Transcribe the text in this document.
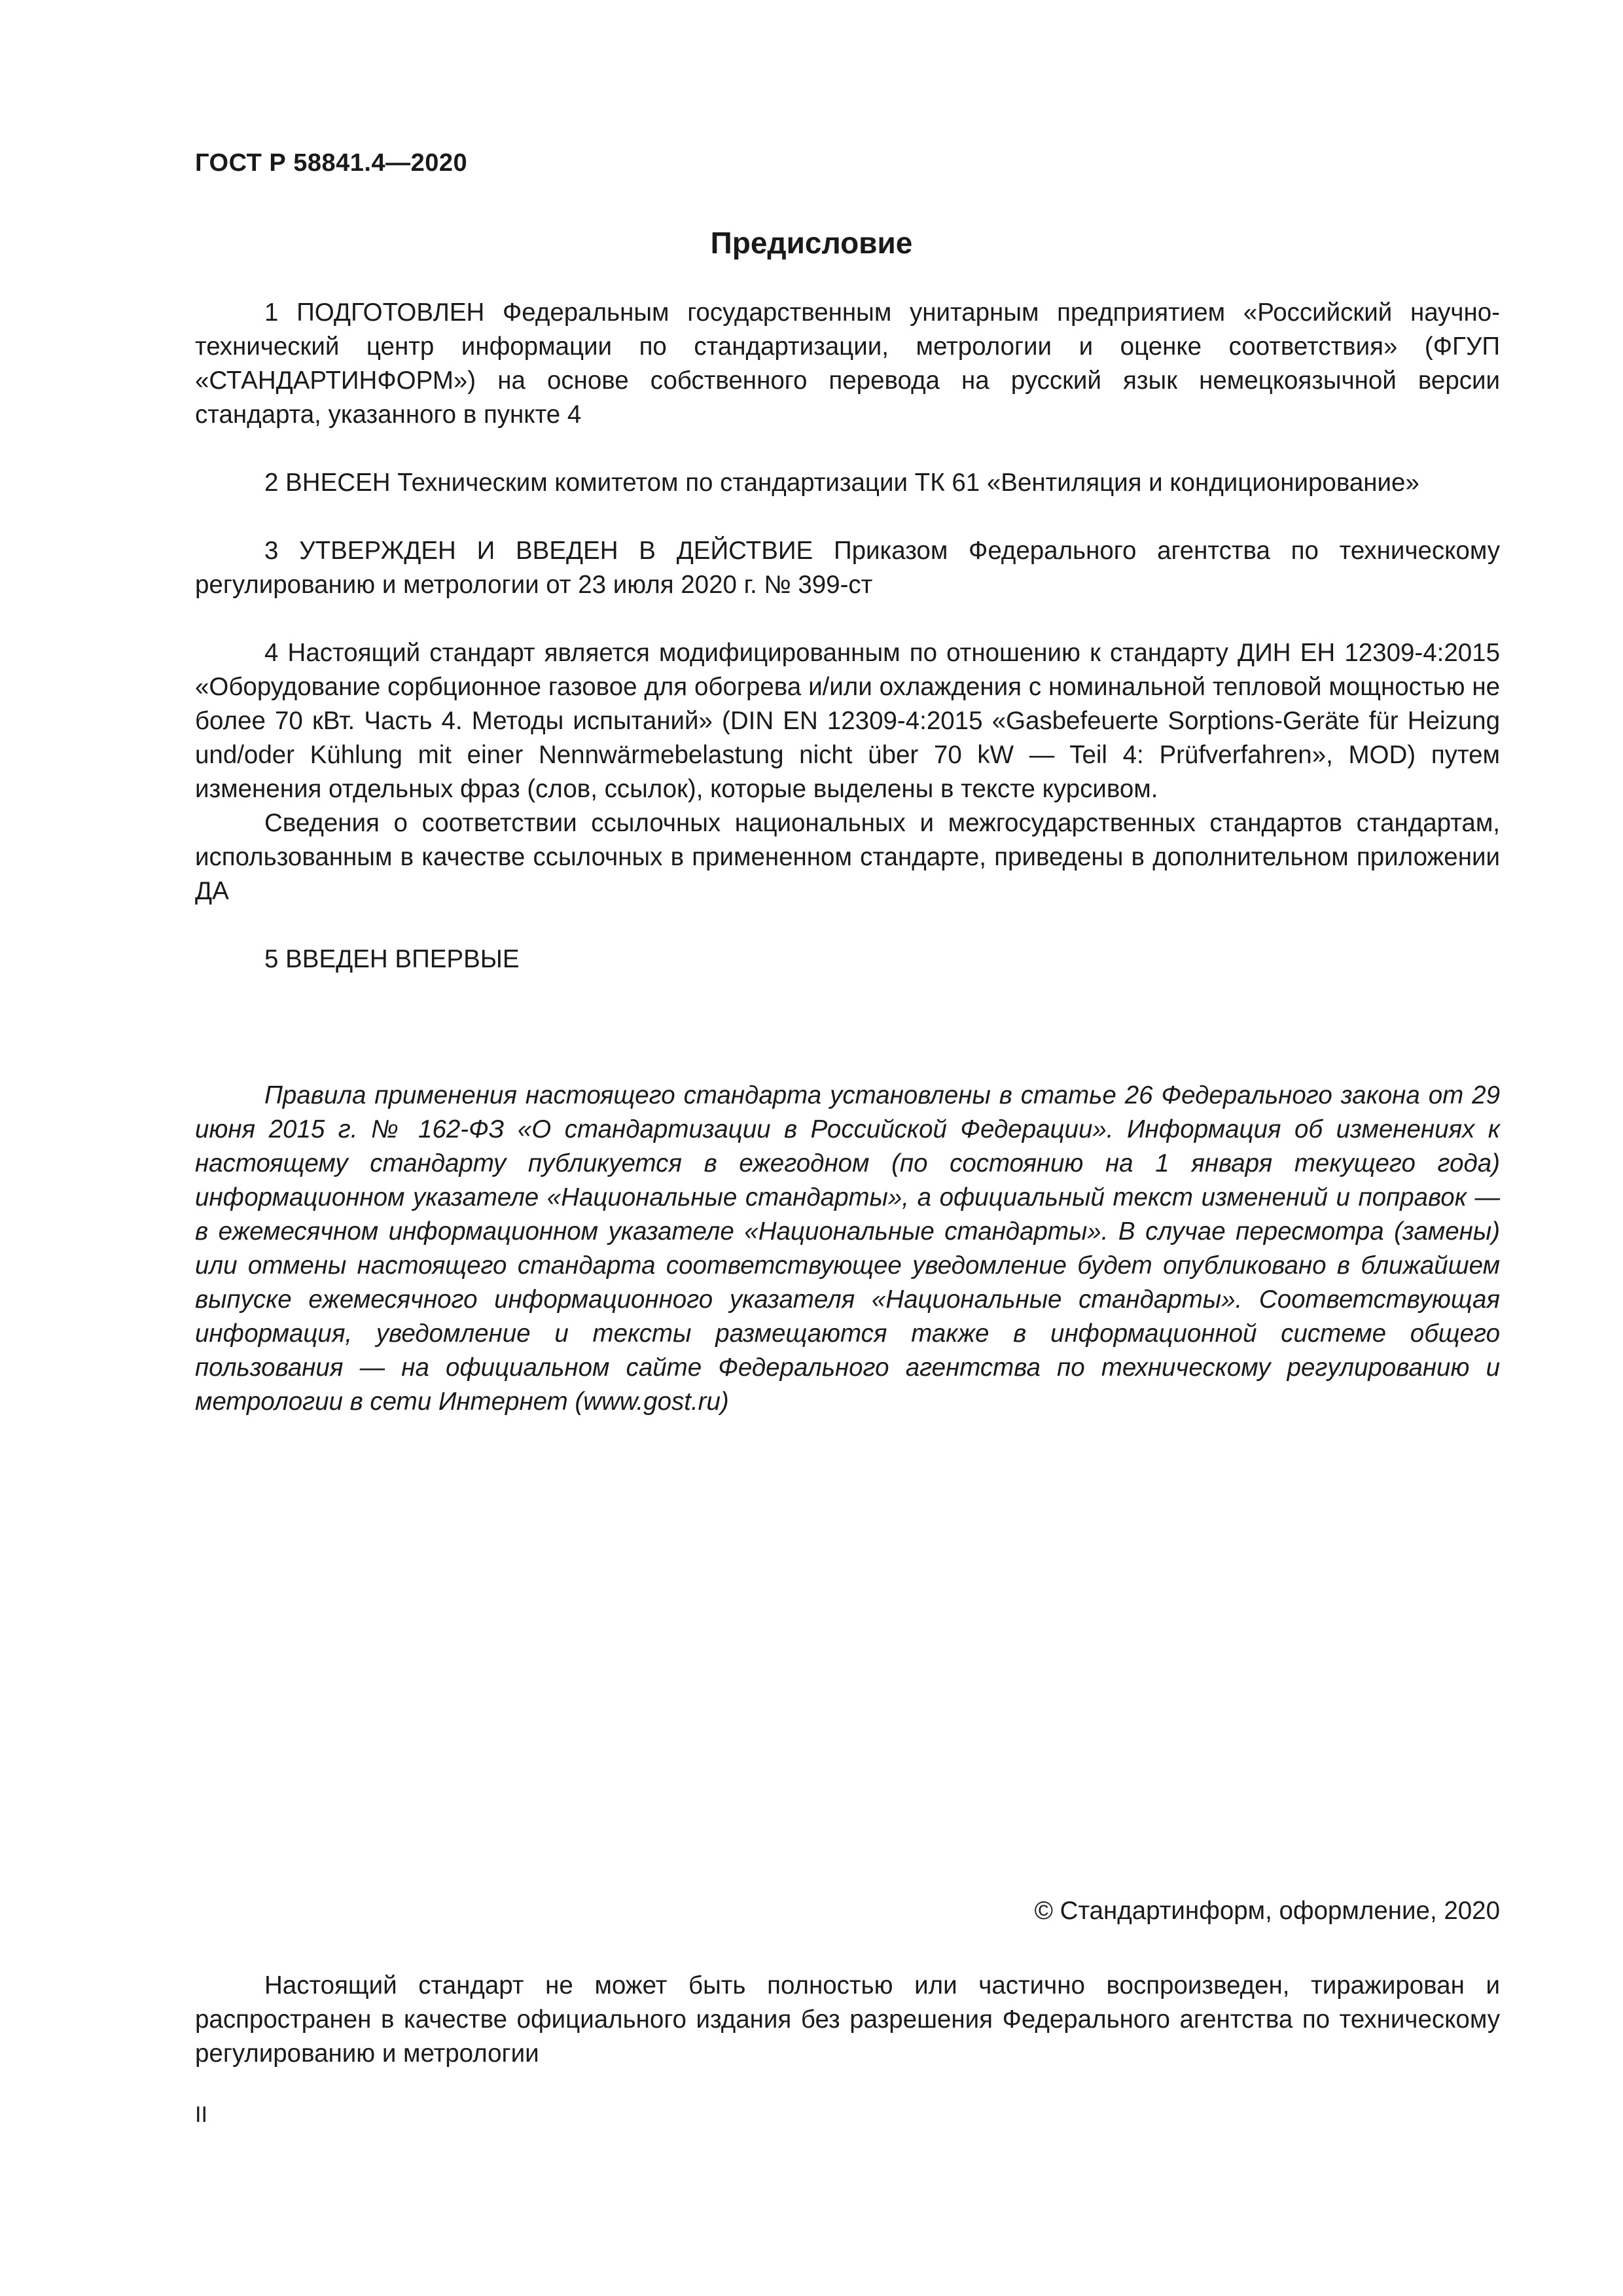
ГОСТ Р 58841.4—2020
Предисловие

1 ПОДГОТОВЛЕН Федеральным государственным унитарным предприятием «Российский научно-технический центр информации по стандартизации, метрологии и оценке соответствия» (ФГУП «СТАНДАРТИНФОРМ») на основе собственного перевода на русский язык немецкоязычной версии стандарта, указанного в пункте 4

2 ВНЕСЕН Техническим комитетом по стандартизации ТК 61 «Вентиляция и кондиционирование»

3 УТВЕРЖДЕН И ВВЕДЕН В ДЕЙСТВИЕ Приказом Федерального агентства по техническому регулированию и метрологии от 23 июля 2020 г. № 399-ст

4 Настоящий стандарт является модифицированным по отношению к стандарту ДИН ЕН 12309-4:2015 «Оборудование сорбционное газовое для обогрева и/или охлаждения с номинальной тепловой мощностью не более 70 кВт. Часть 4. Методы испытаний» (DIN EN 12309-4:2015 «Gasbefeuerte Sorptions-Geräte für Heizung und/oder Kühlung mit einer Nennwärmebelastung nicht über 70 kW — Teil 4: Prüfverfahren», MOD) путем изменения отдельных фраз (слов, ссылок), которые выделены в тексте курсивом.

Сведения о соответствии ссылочных национальных и межгосударственных стандартов стандартам, использованным в качестве ссылочных в примененном стандарте, приведены в дополнительном приложении ДА

5 ВВЕДЕН ВПЕРВЫЕ

Правила применения настоящего стандарта установлены в статье 26 Федерального закона от 29 июня 2015 г. № 162-ФЗ «О стандартизации в Российской Федерации». Информация об изменениях к настоящему стандарту публикуется в ежегодном (по состоянию на 1 января текущего года) информационном указателе «Национальные стандарты», а официальный текст изменений и поправок — в ежемесячном информационном указателе «Национальные стандарты». В случае пересмотра (замены) или отмены настоящего стандарта соответствующее уведомление будет опубликовано в ближайшем выпуске ежемесячного информационного указателя «Национальные стандарты». Соответствующая информация, уведомление и тексты размещаются также в информационной системе общего пользования — на официальном сайте Федерального агентства по техническому регулированию и метрологии в сети Интернет (www.gost.ru)

© Стандартинформ, оформление, 2020

Настоящий стандарт не может быть полностью или частично воспроизведен, тиражирован и распространен в качестве официального издания без разрешения Федерального агентства по техническому регулированию и метрологии

II
